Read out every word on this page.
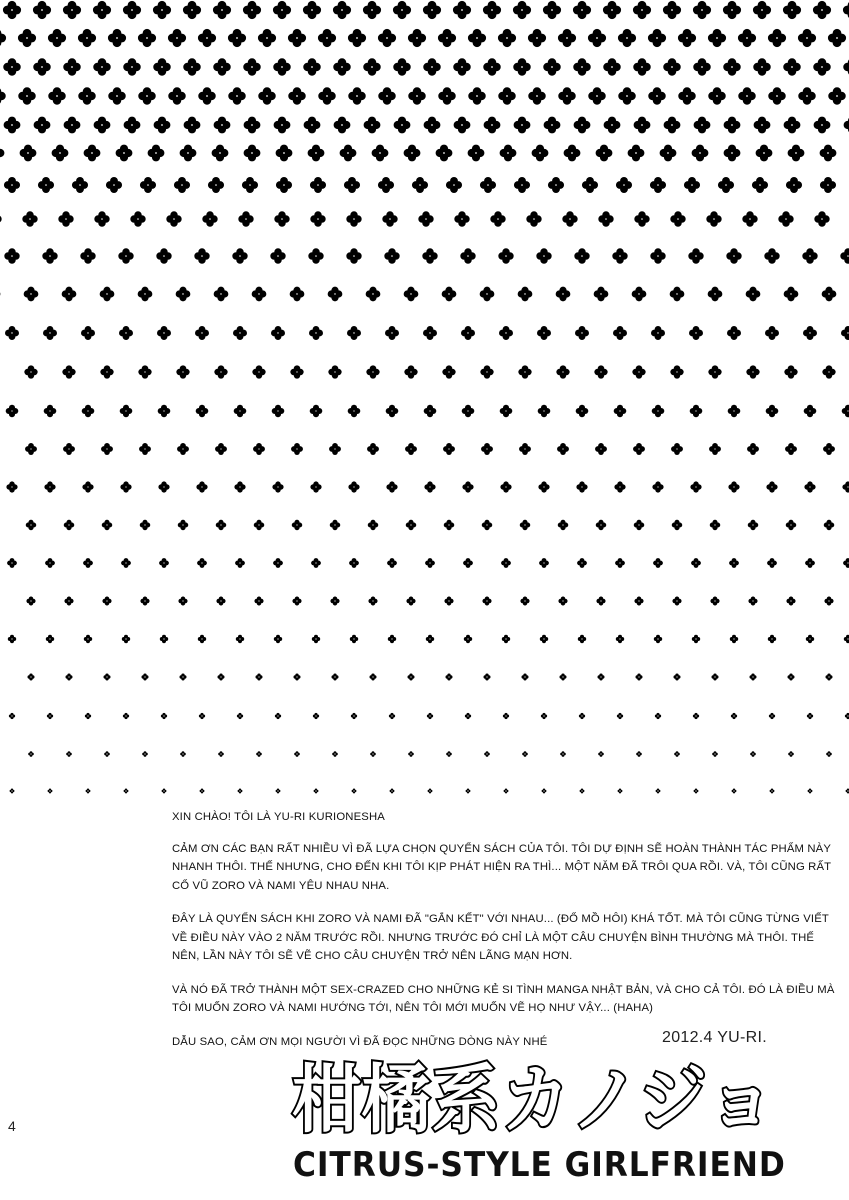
XIN CHÀO! TÔI LÀ YU-RI KURIONESHA

CẢM ƠN CÁC BẠN RẤT NHIỀU VÌ ĐÃ LỰA CHỌN QUYỂN SÁCH CỦA TÔI. TÔI DỰ ĐỊNH SẼ HOÀN THÀNH TÁC PHẨM NÀY NHANH THÔI. THẾ NHƯNG, CHO ĐẾN KHI TÔI KỊP PHÁT HIỆN RA THÌ... MỘT NĂM ĐÃ TRÔI QUA RỒI. VÀ, TÔI CŨNG RẤT CỔ VŨ ZORO VÀ NAMI YÊU NHAU NHA.

ĐÂY LÀ QUYỂN SÁCH KHI ZORO VÀ NAMI ĐÃ "GẮN KẾT" VỚI NHAU... (ĐỔ MỒ HÔI) KHÁ TỐT. MÀ TÔI CŨNG TỪNG VIẾT VỀ ĐIỀU NÀY VÀO 2 NĂM TRƯỚC RỒI. NHƯNG TRƯỚC ĐÓ CHỈ LÀ MỘT CÂU CHUYỆN BÌNH THƯỜNG MÀ THÔI. THẾ NÊN, LẦN NÀY TÔI SẼ VẼ CHO CÂU CHUYỆN TRỞ NÊN LÃNG MẠN HƠN.

VÀ NÓ ĐÃ TRỞ THÀNH MỘT SEX-CRAZED CHO NHỮNG KẺ SI TÌNH MANGA NHẬT BẢN, VÀ CHO CẢ TÔI. ĐÓ LÀ ĐIỀU MÀ TÔI MUỐN ZORO VÀ NAMI HƯỚNG TỚI, NÊN TÔI MỚI MUỐN VẼ HỌ NHƯ VẬY... (HAHA)

DẪU SAO, CẢM ƠN MỌI NGƯỜI VÌ ĐÃ ĐỌC NHỮNG DÒNG NÀY NHÉ	2012.4 YU-RI.
柑橘系カノジョ
CITRUS-STYLE GIRLFRIEND
4
